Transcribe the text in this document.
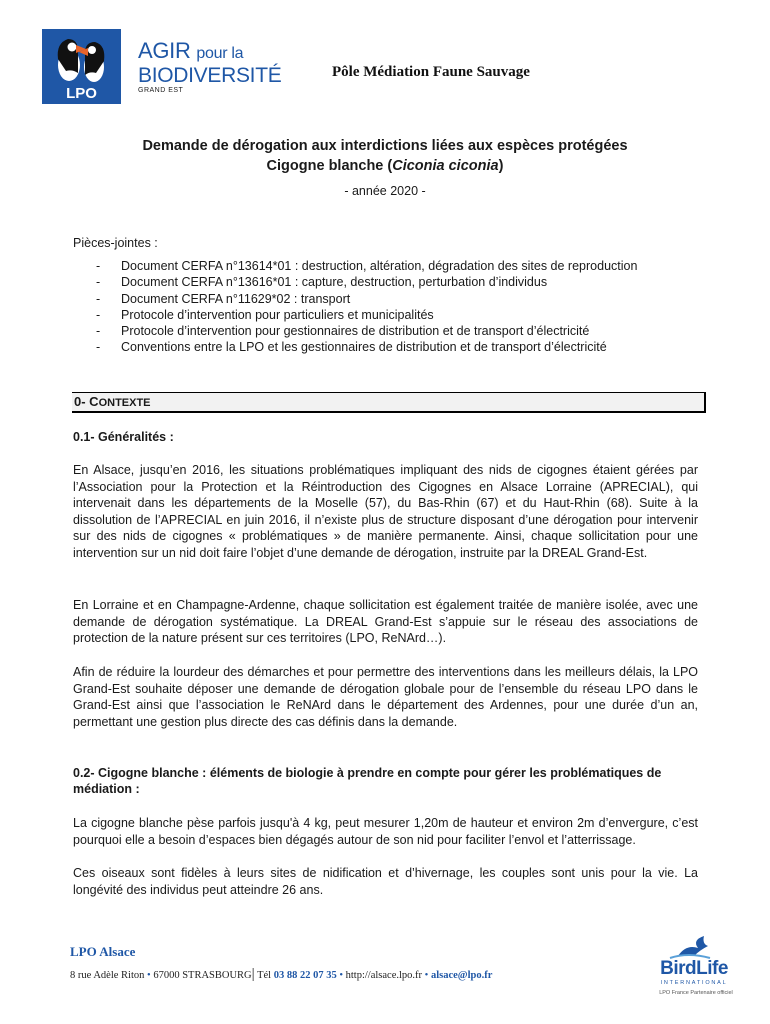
LPO
AGIR pour la
BIODIVERSITÉ
GRAND EST
Pôle Médiation Faune Sauvage
Demande de dérogation aux interdictions liées aux espèces protégées
Cigogne blanche (Ciconia ciconia)
- année 2020 -
Pièces-jointes :
- Document CERFA n°13614*01 : destruction, altération, dégradation des sites de reproduction
- Document CERFA n°13616*01 : capture, destruction, perturbation d’individus
- Document CERFA n°11629*02 : transport
- Protocole d’intervention pour particuliers et municipalités
- Protocole d’intervention pour gestionnaires de distribution et de transport d’électricité
- Conventions entre la LPO et les gestionnaires de distribution et de transport d’électricité
0- CONTEXTE
0.1- Généralités :

En Alsace, jusqu’en 2016, les situations problématiques impliquant des nids de cigognes étaient gérées par l’Association pour la Protection et la Réintroduction des Cigognes en Alsace Lorraine (APRECIAL), qui intervenait dans les départements de la Moselle (57), du Bas-Rhin (67) et du Haut-Rhin (68). Suite à la dissolution de l’APRECIAL en juin 2016, il n’existe plus de structure disposant d’une dérogation pour intervenir sur des nids de cigognes « problématiques » de manière permanente. Ainsi, chaque sollicitation pour une intervention sur un nid doit faire l’objet d’une demande de dérogation, instruite par la DREAL Grand-Est.

En Lorraine et en Champagne-Ardenne, chaque sollicitation est également traitée de manière isolée, avec une demande de dérogation systématique. La DREAL Grand-Est s’appuie sur le réseau des associations de protection de la nature présent sur ces territoires (LPO, ReNArd…).

Afin de réduire la lourdeur des démarches et pour permettre des interventions dans les meilleurs délais, la LPO Grand-Est souhaite déposer une demande de dérogation globale pour de l’ensemble du réseau LPO dans le Grand-Est ainsi que l’association le ReNArd dans le département des Ardennes, pour une durée d’un an, permettant une gestion plus directe des cas définis dans la demande.

0.2- Cigogne blanche : éléments de biologie à prendre en compte pour gérer les problématiques de médiation :

La cigogne blanche pèse parfois jusqu'à 4 kg, peut mesurer 1,20m de hauteur et environ 2m d’envergure, c’est pourquoi elle a besoin d’espaces bien dégagés autour de son nid pour faciliter l’envol et l’atterrissage.

Ces oiseaux sont fidèles à leurs sites de nidification et d’hivernage, les couples sont unis pour la vie. La longévité des individus peut atteindre 26 ans.

LPO Alsace
8 rue Adèle Riton • 67000 STRASBOURG| Tél 03 88 22 07 35 • http://alsace.lpo.fr • alsace@lpo.fr	BirdLife
INTERNATIONAL
LPO France Partenaire officiel
